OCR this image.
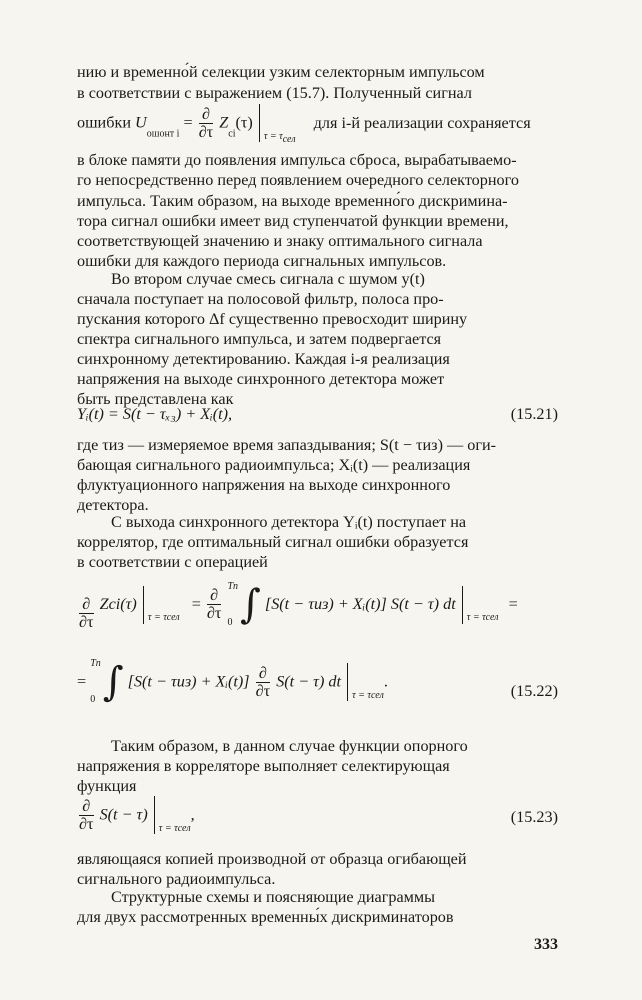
нию и временно́й селекции узким селекторным импульсом
в соответствии с выражением (15.7). Полученный сигнал
ошибки $U_{ошонт i} = \frac{\partial}{\partial\tau} Z_{ci}(\tau)$ $_{\tau = \tau_{сел}}$ для i-й реализации сохраняется
в блоке памяти до появления импульса сброса, вырабатываемо-
го непосредственно перед появлением очередного селекторного
импульса. Таким образом, на выходе временно́го дискримина-
тора сигнал ошибки имеет вид ступенчатой функции времени,
соответствующей значению и знаку оптимального сигнала
ошибки для каждого периода сигнальных импульсов.
Во втором случае смесь сигнала с шумом y(t)
сначала поступает на полосовой фильтр, полоса про-
пускания которого Δf существенно превосходит ширину
спектра сигнального импульса, и затем подвергается
синхронному детектированию. Каждая i-я реализация
напряжения на выходе синхронного детектора может
быть представлена как
Yᵢ(t) = S(t − τₓ₃) + Xᵢ(t),	(15.21)
где τиз — измеряемое время запаздывания; S(t − τиз) — оги-
бающая сигнального радиоимпульса; Xᵢ(t) — реализация
флуктуационного напряжения на выходе синхронного
детектора.
С выхода синхронного детектора Yᵢ(t) поступает на
коррелятор, где оптимальный сигнал ошибки образуется
в соответствии с операцией
$\frac{\partial}{\partial\tau} Zci(\tau) _{\tau = \tau сел} = \frac{\partial}{\partial\tau}$
Tп

0 ∫ [S(t − τиз) + Xᵢ(t)] S(t − τ) dt $_{\tau = \tau сел}$ =
= Tп

0 ∫ [S(t − τиз) + Xᵢ(t)] $\frac{\partial}{\partial\tau} S(t - \tau)$ dt $_{\tau = \tau сел}$.
(15.22)
Таким образом, в данном случае функции опорного
напряжения в корреляторе выполняет селектирующая
функция
$\frac{\partial}{\partial\tau} S(t - \tau)$ $_{\tau = \tau сел}$,	(15.23)
являющаяся копией производной от образца огибающей
сигнального радиоимпульса.
Структурные схемы и поясняющие диаграммы
для двух рассмотренных временны́х дискриминаторов
333
